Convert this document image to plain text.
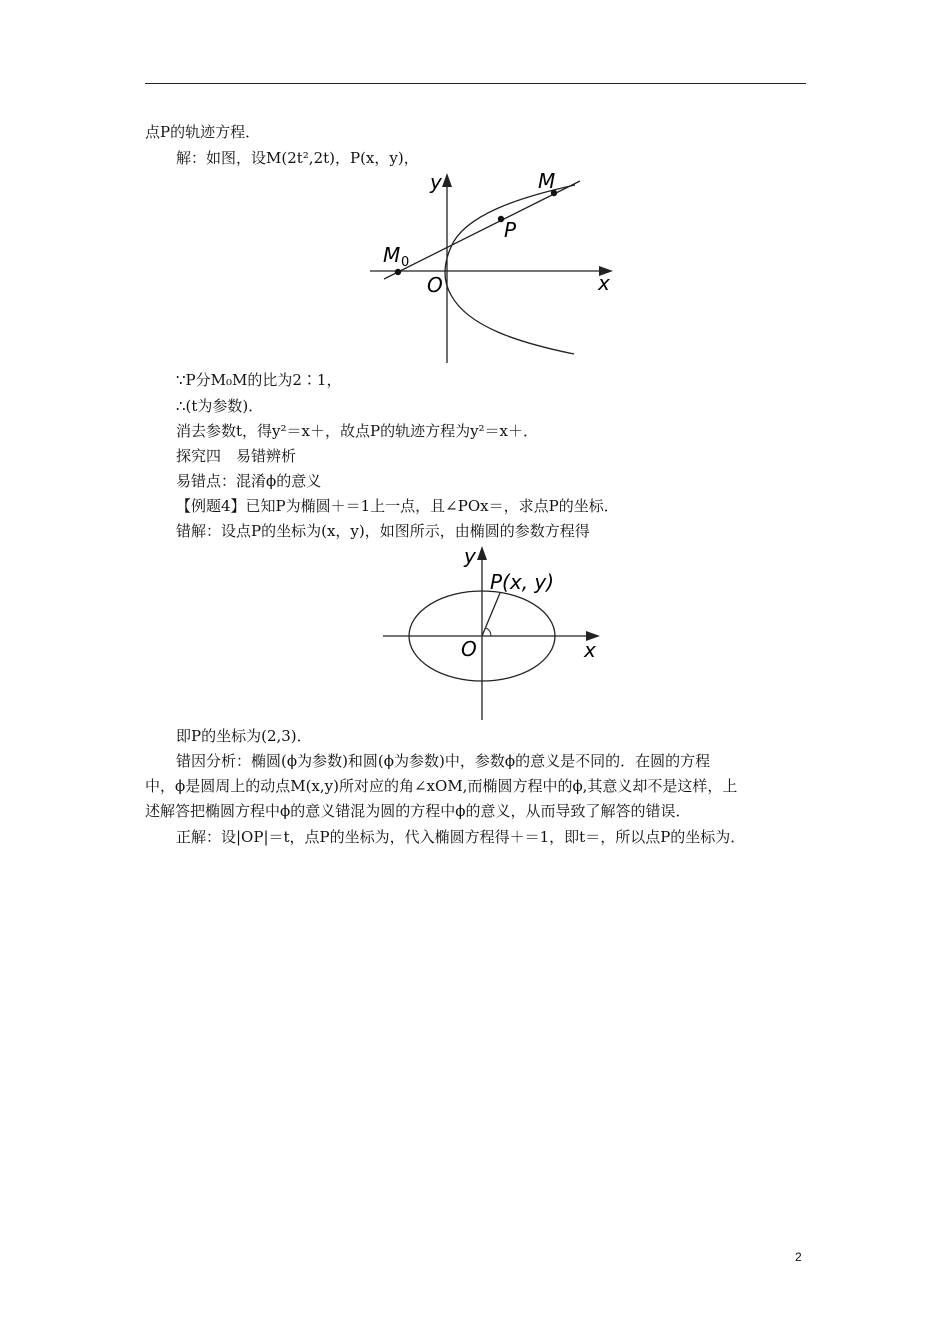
点P的轨迹方程．
解：如图，设M(2t²,2t)，P(x，y)，
y
x
O
M
P
M 0
∵P分M₀M的比为2∶1，
∴(t为参数)．
消去参数t，得y²＝x＋，故点P的轨迹方程为y²＝x＋．
探究四　易错辨析
易错点：混淆ϕ的意义
【例题4】已知P为椭圆＋＝1上一点，且∠POx＝，求点P的坐标．
错解：设点P的坐标为(x，y)，如图所示，由椭圆的参数方程得
y
x
O
P(x, y)
即P的坐标为(2,3)．
错因分析：椭圆(ϕ为参数)和圆(ϕ为参数)中，参数ϕ的意义是不同的．在圆的方程
中，ϕ是圆周上的动点M(x,y)所对应的角∠xOM,而椭圆方程中的ϕ,其意义却不是这样，上
述解答把椭圆方程中ϕ的意义错混为圆的方程中ϕ的意义，从而导致了解答的错误．
正解：设|OP|＝t，点P的坐标为，代入椭圆方程得＋＝1，即t＝，所以点P的坐标为．
2
